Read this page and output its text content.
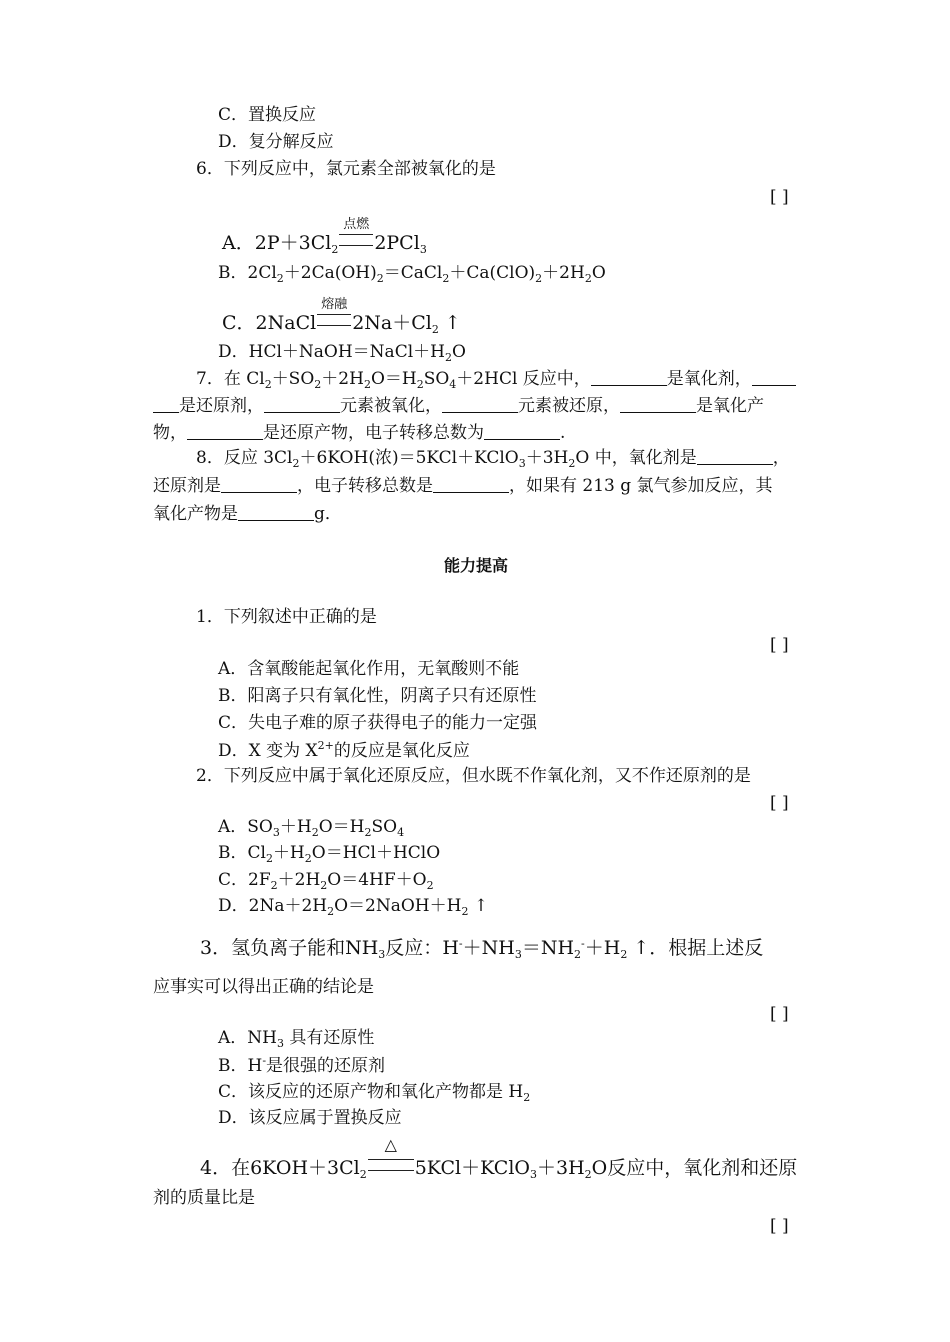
C．置换反应
D．复分解反应
6．下列反应中，氯元素全部被氧化的是
[ ]
A．$2P+3Cl_2$
点燃
2PCl$_3$
B．$2Cl_2+2Ca(OH)_2=CaCl_2+Ca(ClO)_2+2H_2O$
C．2NaCl
熔融
$2Na+Cl_2$ ↑
D．$HCl+NaOH=NaCl+H_2O$
7．在 $Cl_2+SO_2+2H_2O=H_2SO_4+2HCl$ 反应中，	是氧化剂，
是还原剂，	元素被氧化，	元素被还原，	是氧化产
物，	是还原产物，电子转移总数为	.
8．反应 $3Cl_2+6KOH$(浓)$=5KCl+KClO_3+3H_2O$ 中，氧化剂是	，
还原剂是	，电子转移总数是	，如果有 213 g 氯气参加反应，其
氧化产物是	g．
能力提高
1．下列叙述中正确的是
[ ]
A．含氧酸能起氧化作用，无氧酸则不能
B．阳离子只有氧化性，阴离子只有还原性
C．失电子难的原子获得电子的能力一定强
D．X 变为 $X^{2+}$的反应是氧化反应
2．下列反应中属于氧化还原反应，但水既不作氧化剂，又不作还原剂的是
[ ]
A．$SO_3+H_2O=H_2SO_4$
B．$Cl_2+H_2O=HCl+HClO$
C．$2F_2+2H_2O=4HF+O_2$
D．$2Na+2H_2O=2NaOH+H_2$ ↑
3．氢负离子能和$NH_3$反应：$H^-+NH_3=NH_2^-+H_2$ ↑．根据上述反
应事实可以得出正确的结论是
[ ]
A．$NH_3$ 具有还原性
B．H-是很强的还原剂
C．该反应的还原产物和氧化产物都是 $H_2$
D．该反应属于置换反应
4．在$6KOH+3Cl_2$
△
$5KCl+KClO_3+3H_2O$反应中，氧化剂和还原
剂的质量比是
[ ]
